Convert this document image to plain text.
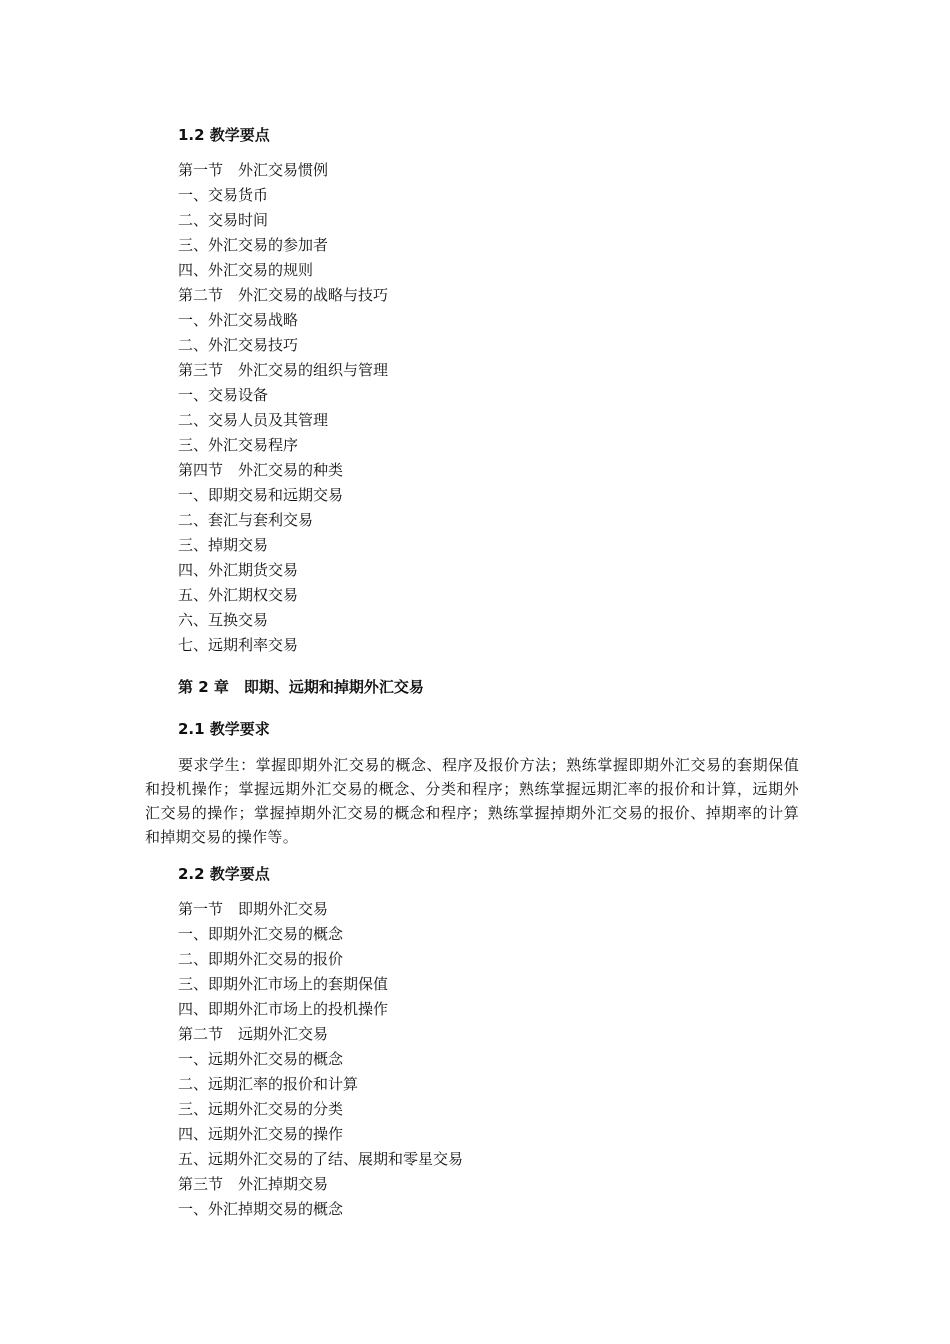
1.2 教学要点
第一节　外汇交易惯例
一、交易货币
二、交易时间
三、外汇交易的参加者
四、外汇交易的规则
第二节　外汇交易的战略与技巧
一、外汇交易战略
二、外汇交易技巧
第三节　外汇交易的组织与管理
一、交易设备
二、交易人员及其管理
三、外汇交易程序
第四节　外汇交易的种类
一、即期交易和远期交易
二、套汇与套利交易
三、掉期交易
四、外汇期货交易
五、外汇期权交易
六、互换交易
七、远期利率交易
第 2 章　即期、远期和掉期外汇交易
2.1 教学要求

要求学生：掌握即期外汇交易的概念、程序及报价方法；熟练掌握即期外汇交易的套期保值和投机操作；掌握远期外汇交易的概念、分类和程序；熟练掌握远期汇率的报价和计算，远期外汇交易的操作；掌握掉期外汇交易的概念和程序；熟练掌握掉期外汇交易的报价、掉期率的计算和掉期交易的操作等。

2.2 教学要点
第一节　即期外汇交易
一、即期外汇交易的概念
二、即期外汇交易的报价
三、即期外汇市场上的套期保值
四、即期外汇市场上的投机操作
第二节　远期外汇交易
一、远期外汇交易的概念
二、远期汇率的报价和计算
三、远期外汇交易的分类
四、远期外汇交易的操作
五、远期外汇交易的了结、展期和零星交易
第三节　外汇掉期交易
一、外汇掉期交易的概念
